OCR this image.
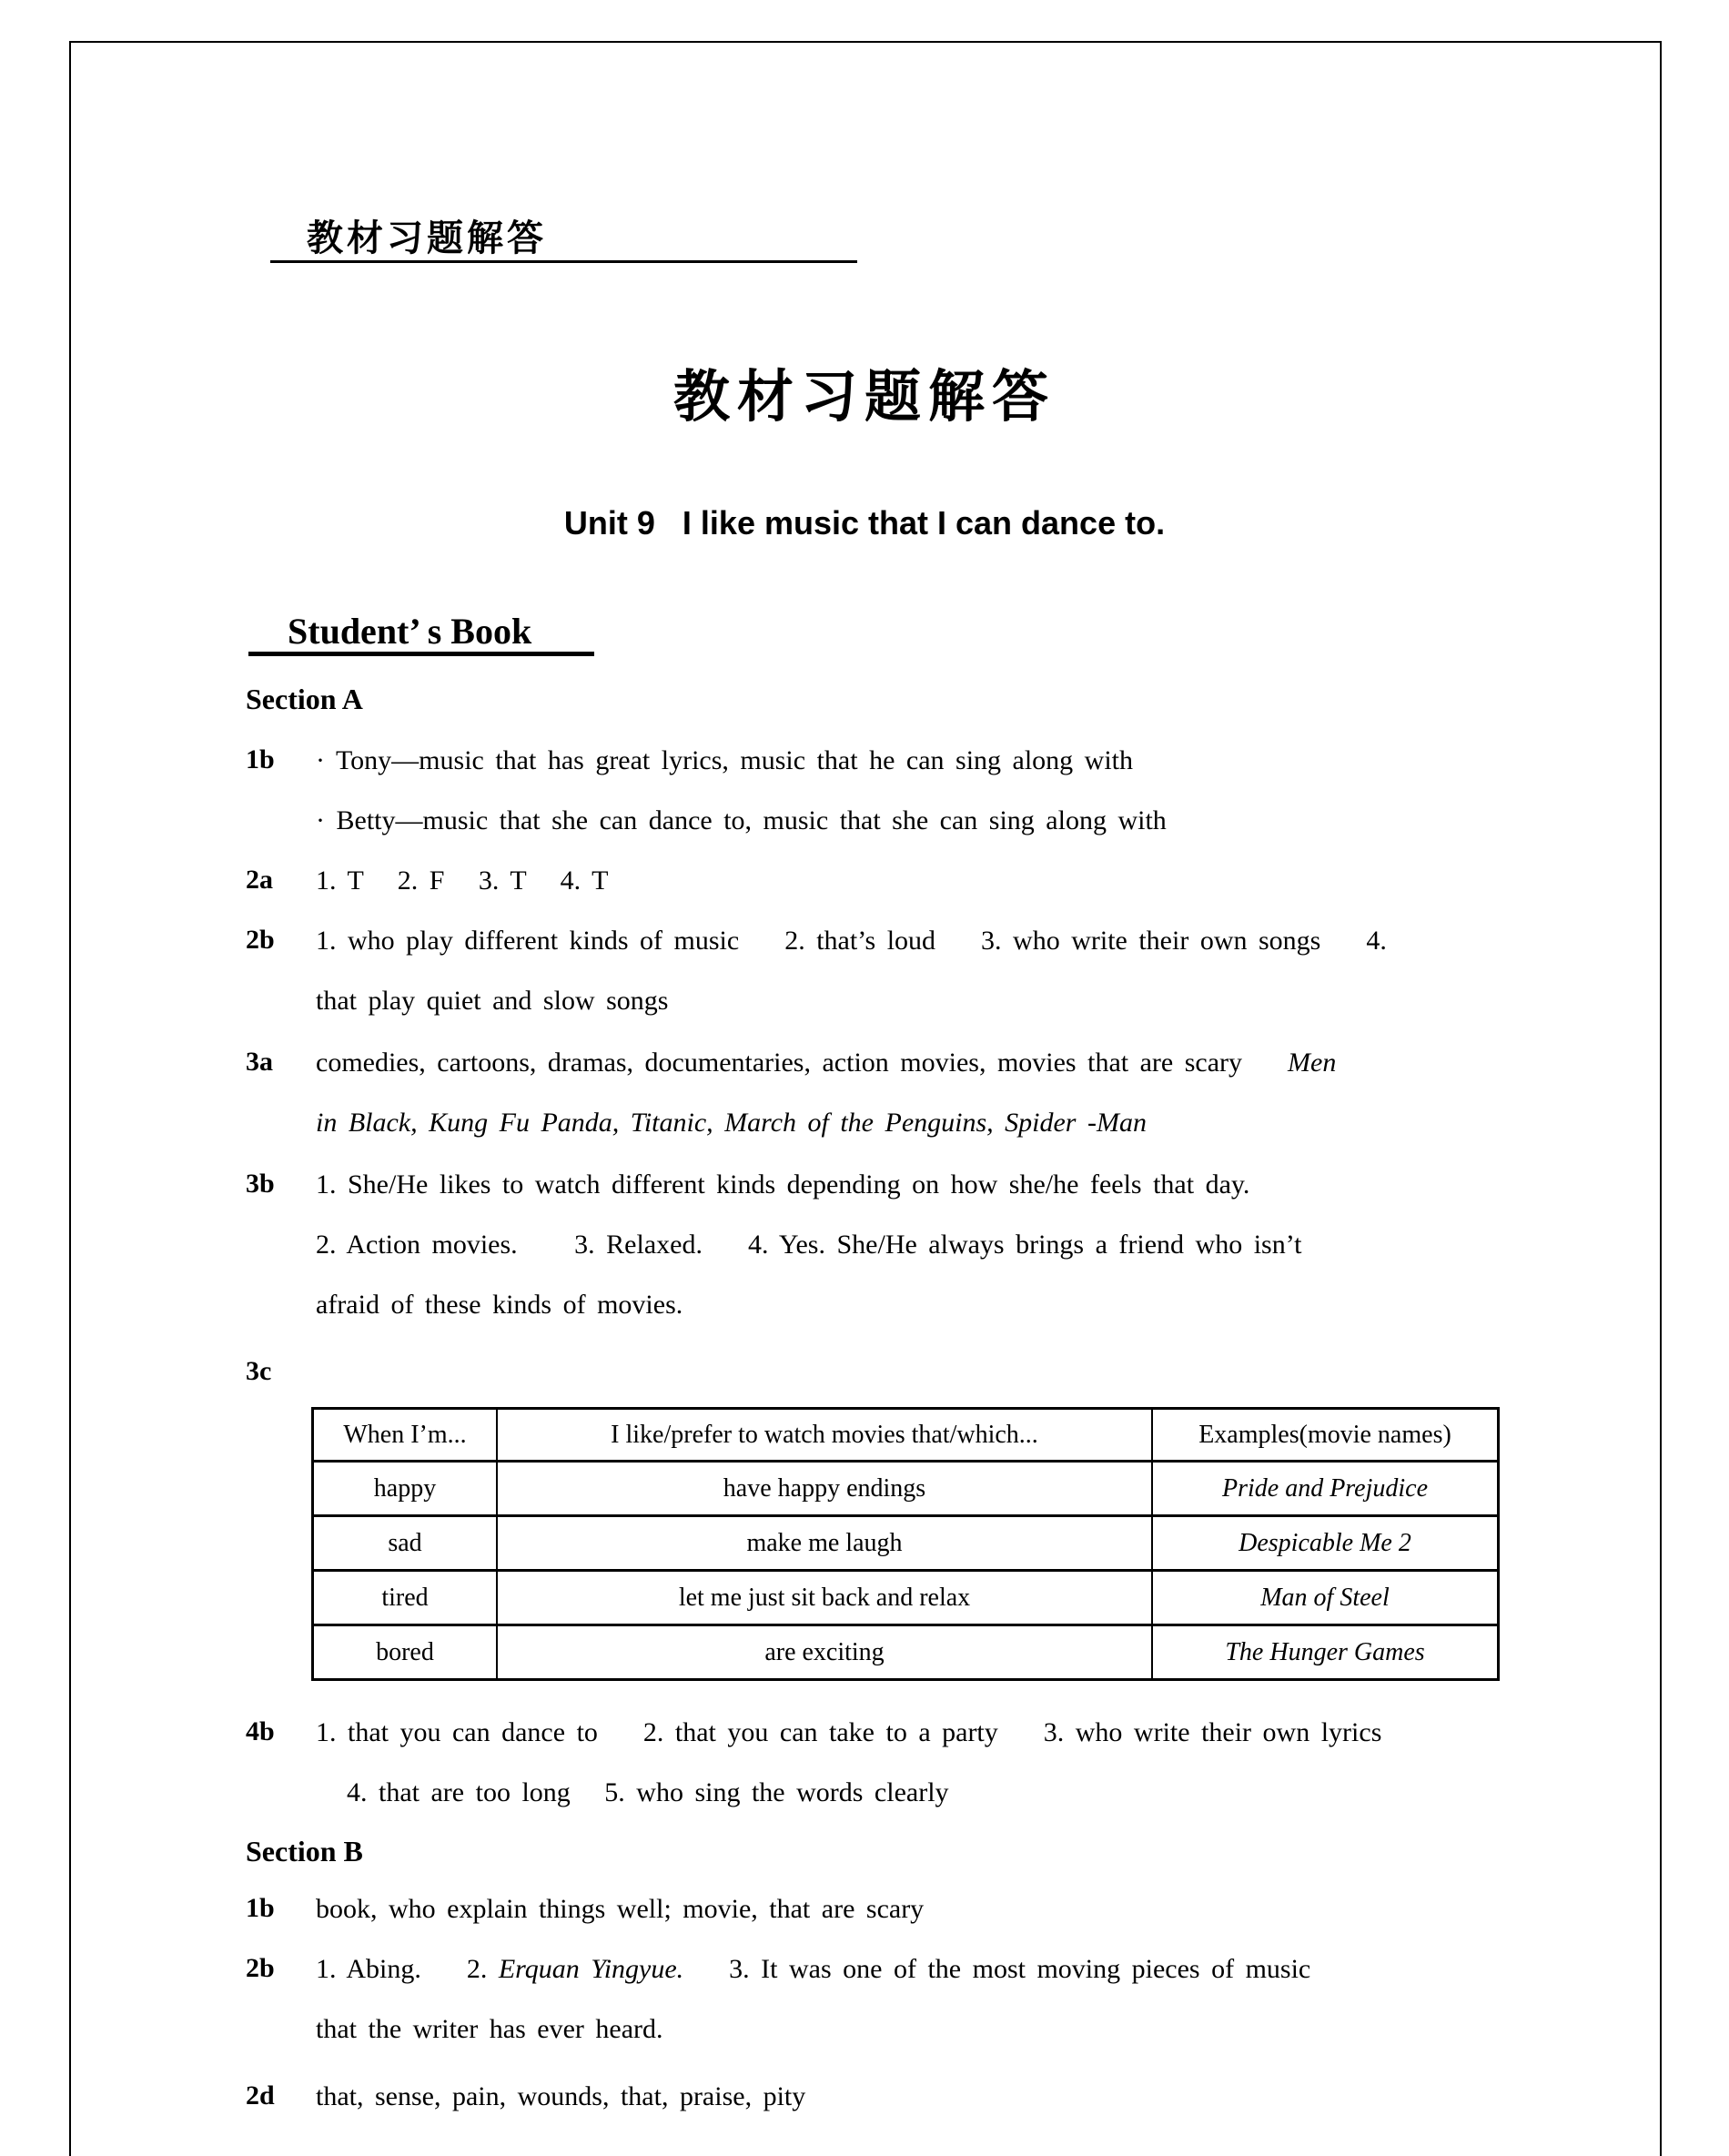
教材习题解答
教材习题解答
Unit 9   I like music that I can dance to.
Student’ s Book
Section A
1b · Tony—music that has great lyrics, music that he can sing along with
· Betty—music that she can dance to, music that she can sing along with
2a 1. T   2. F   3. T   4. T
2b 1. who play different kinds of music    2. that’s loud    3. who write their own songs    4.
that play quiet and slow songs
3a comedies, cartoons, dramas, documentaries, action movies, movies that are scary    Men
in Black, Kung Fu Panda, Titanic, March of the Penguins, Spider -Man
3b 1. She/He likes to watch different kinds depending on how she/he feels that day.
2. Action movies.     3. Relaxed.    4. Yes. She/He always brings a friend who isn’t
afraid of these kinds of movies.
3c
When I’m...	I like/prefer to watch movies that/which...	Examples(movie names)
happy	have happy endings	Pride and Prejudice
sad	make me laugh	Despicable Me 2
tired	let me just sit back and relax	Man of Steel
bored	are exciting	The Hunger Games
4b 1. that you can dance to    2. that you can take to a party    3. who write their own lyrics
4. that are too long   5. who sing the words clearly
Section B
1b book, who explain things well; movie, that are scary
2b 1. Abing.    2. Erquan Yingyue.    3. It was one of the most moving pieces of music
that the writer has ever heard.
2d that, sense, pain, wounds, that, praise, pity
